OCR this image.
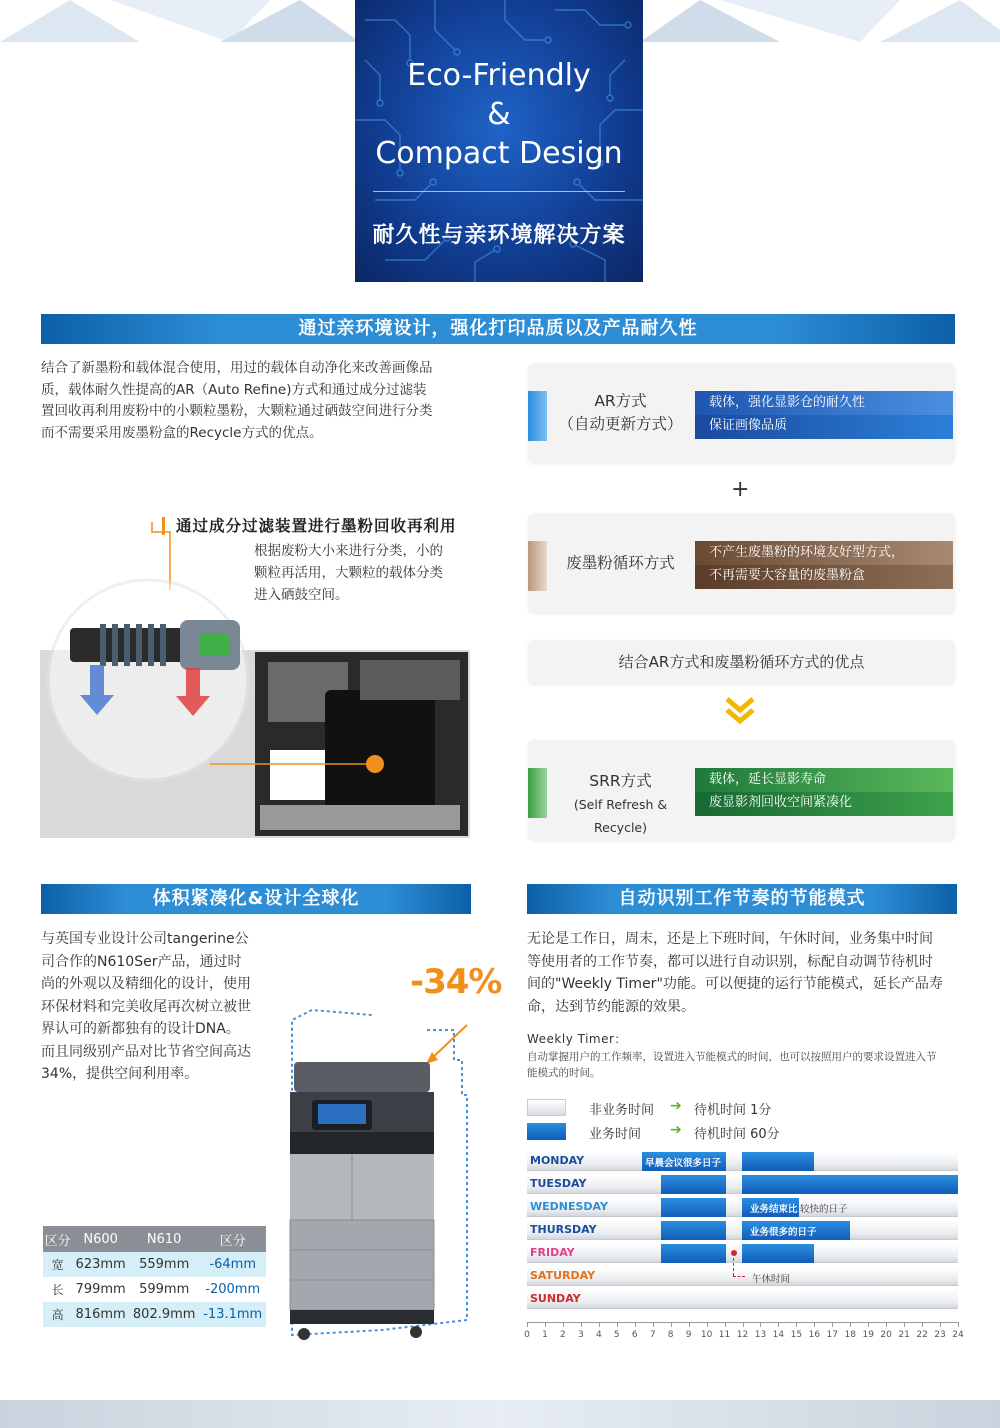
Eco-Friendly
&
Compact Design
耐久性与亲环境解决方案
通过亲环境设计，强化打印品质以及产品耐久性
结合了新墨粉和载体混合使用，用过的载体自动净化来改善画像品
质，载体耐久性提高的AR（Auto Refine)方式和通过成分过滤装
置回收再利用废粉中的小颗粒墨粉，大颗粒通过硒鼓空间进行分类
而不需要采用废墨粉盒的Recycle方式的优点。
通过成分过滤装置进行墨粉回收再利用
根据废粉大小来进行分类，小的
颗粒再活用，大颗粒的载体分类
进入硒鼓空间。
AR方式
（自动更新方式）
载体，强化显影仓的耐久性
保证画像品质
+
废墨粉循环方式
不产生废墨粉的环境友好型方式，
不再需要大容量的废墨粉盒
结合AR方式和废墨粉循环方式的优点
SRR方式
(Self Refresh & Recycle)
载体，延长显影寿命
废显影剂回收空间紧凑化
体积紧凑化&设计全球化
与英国专业设计公司tangerine公
司合作的N610Ser产品，通过时
尚的外观以及精细化的设计，使用
环保材料和完美收尾再次树立被世
界认可的新都独有的设计DNA。
而且同级别产品对比节省空间高达
34%，提供空间利用率。
-34%
区分	N600	N610	区分
宽	623mm	559mm	-64mm
长	799mm	599mm	-200mm
高	816mm	802.9mm	-13.1mm
自动识别工作节奏的节能模式
无论是工作日，周末，还是上下班时间，午休时间，业务集中时间
等使用者的工作节奏，都可以进行自动识别，标配自动调节待机时
间的"Weekly Timer"功能。可以便捷的运行节能模式，延长产品寿
命，达到节约能源的效果。
Weekly Timer：
自动掌握用户的工作频率，设置进入节能模式的时间，也可以按照用户的要求设置进入节
能模式的时间。
非业务时间 ➔ 待机时间 1分
业务时间 ➔ 待机时间 60分
早晨会议很多日子
MONDAY
TUESDAY
业务结束比 较快的日子
WEDNESDAY
业务很多的日子
THURSDAY
FRIDAY
SATURDAY
SUNDAY
午休时间
0	1	2	3	4	5	6	7	8	9	10 11 12 13 14 15 16 17 18 19 20 21 22 23 24
